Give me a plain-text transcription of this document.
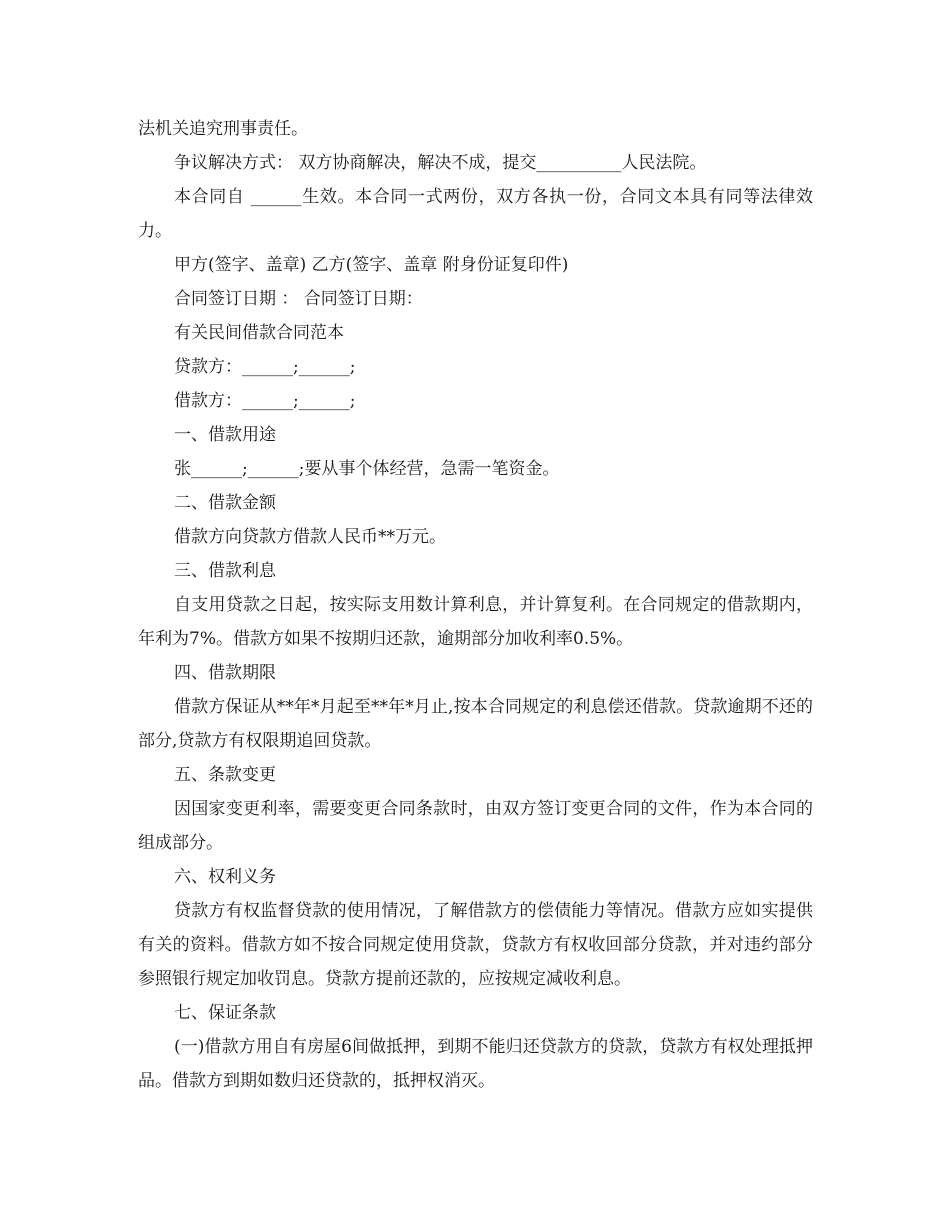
法机关追究刑事责任。

争议解决方式： 双方协商解决，解决不成，提交__________人民法院。

本合同自 ______生效。本合同一式两份，双方各执一份，合同文本具有同等法律效力。

甲方(签字、盖章) 乙方(签字、盖章 附身份证复印件)

合同签订日期 ： 合同签订日期：

有关民间借款合同范本

贷款方：______;______;

借款方：______;______;

一、借款用途

张______;______;要从事个体经营，急需一笔资金。

二、借款金额

借款方向贷款方借款人民币**万元。

三、借款利息

自支用贷款之日起，按实际支用数计算利息，并计算复利。在合同规定的借款期内，年利为7%。借款方如果不按期归还款，逾期部分加收利率0.5%。

四、借款期限

借款方保证从**年*月起至**年*月止,按本合同规定的利息偿还借款。贷款逾期不还的部分,贷款方有权限期追回贷款。

五、条款变更

因国家变更利率，需要变更合同条款时，由双方签订变更合同的文件，作为本合同的组成部分。

六、权利义务

贷款方有权监督贷款的使用情况，了解借款方的偿债能力等情况。借款方应如实提供有关的资料。借款方如不按合同规定使用贷款，贷款方有权收回部分贷款，并对违约部分参照银行规定加收罚息。贷款方提前还款的，应按规定减收利息。

七、保证条款

(一)借款方用自有房屋6间做抵押，到期不能归还贷款方的贷款，贷款方有权处理抵押品。借款方到期如数归还贷款的，抵押权消灭。
